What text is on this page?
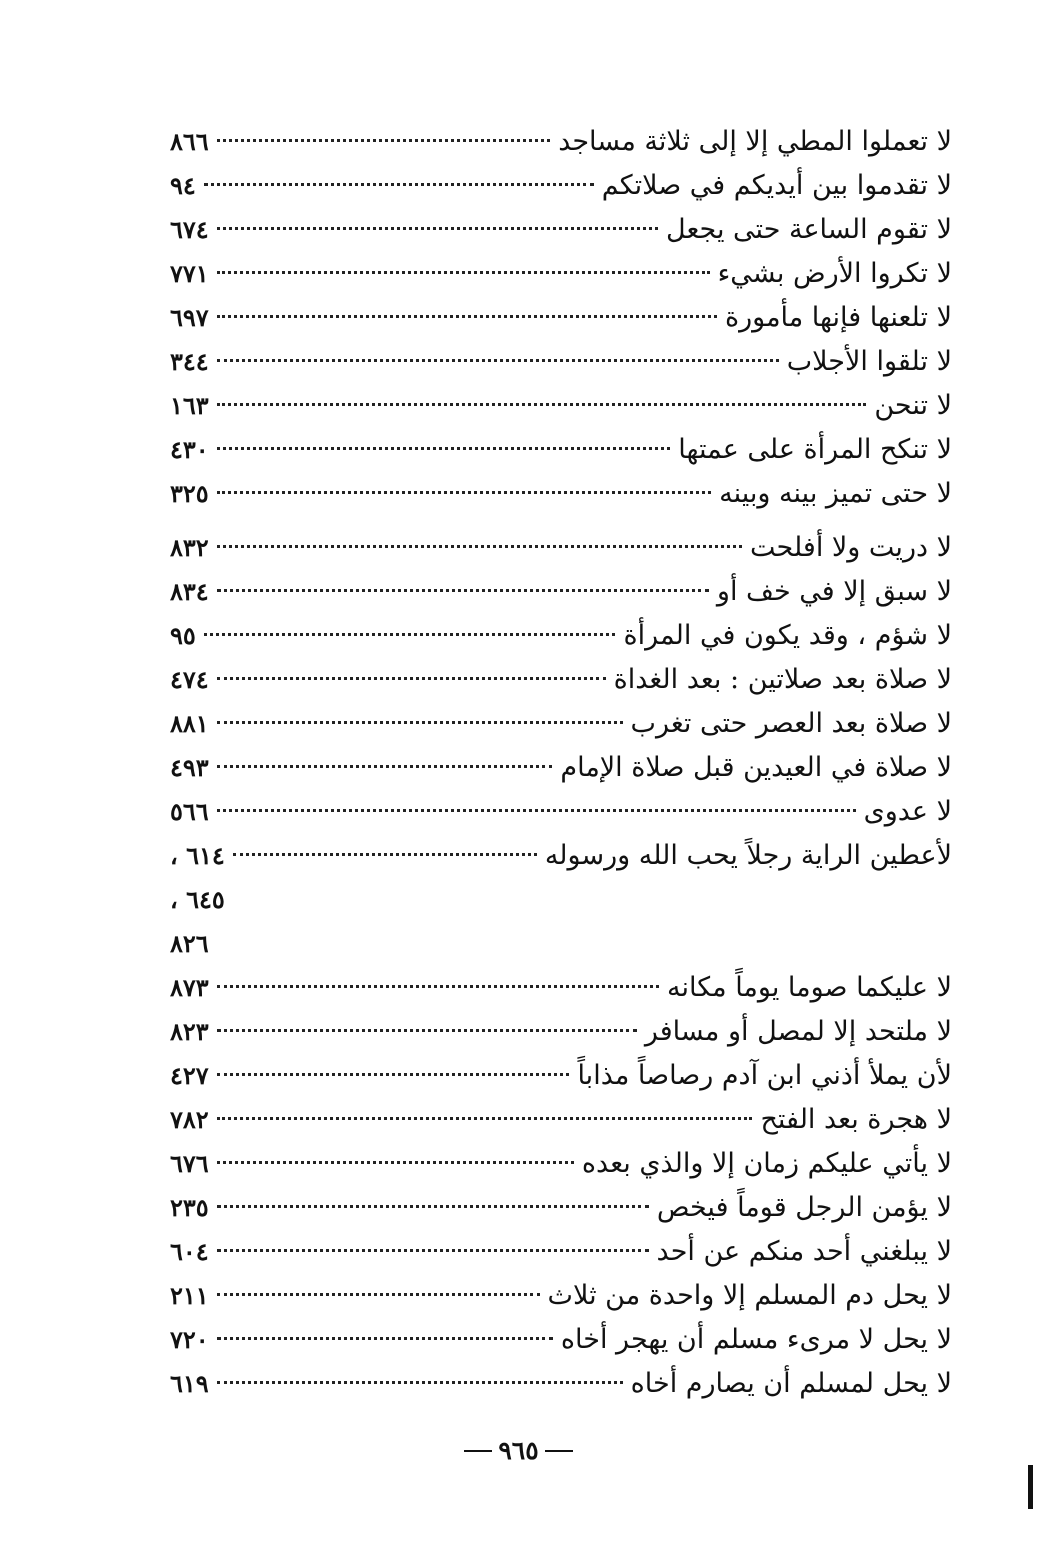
لا تعملوا المطي إلا إلى ثلاثة مساجد
٨٦٦
لا تقدموا بين أيديكم في صلاتكم
٩٤
لا تقوم الساعة حتى يجعل
٦٧٤
لا تكروا الأرض بشيء
٧٧١
لا تلعنها فإنها مأمورة
٦٩٧
لا تلقوا الأجلاب
٣٤٤
لا تنحن
١٦٣
لا تنكح المرأة على عمتها
٤٣٠
لا حتى تميز بينه وبينه
٣٢٥
لا دريت ولا أفلحت
٨٣٢
لا سبق إلا في خف أو
٨٣٤
لا شؤم ، وقد يكون في المرأة
٩٥
لا صلاة بعد صلاتين : بعد الغداة
٤٧٤
لا صلاة بعد العصر حتى تغرب
٨٨١
لا صلاة في العيدين قبل صلاة الإمام
٤٩٣
لا عدوى
٥٦٦
لأعطين الراية رجلاً يحب الله ورسوله
٦١٤ ،
٦٤٥ ،
٨٢٦
لا عليكما صوما يوماً مكانه
٨٧٣
لا ملتحد إلا لمصل أو مسافر
٨٢٣
لأن يملأ أذني ابن آدم رصاصاً مذاباً
٤٢٧
لا هجرة بعد الفتح
٧٨٢
لا يأتي عليكم زمان إلا والذي بعده
٦٧٦
لا يؤمن الرجل قوماً فيخص
٢٣٥
لا يبلغني أحد منكم عن أحد
٦٠٤
لا يحل دم المسلم إلا واحدة من ثلاث
٢١١
لا يحل لا مرىء مسلم أن يهجر أخاه
٧٢٠
لا يحل لمسلم أن يصارم أخاه
٦١٩
٩٦٥
